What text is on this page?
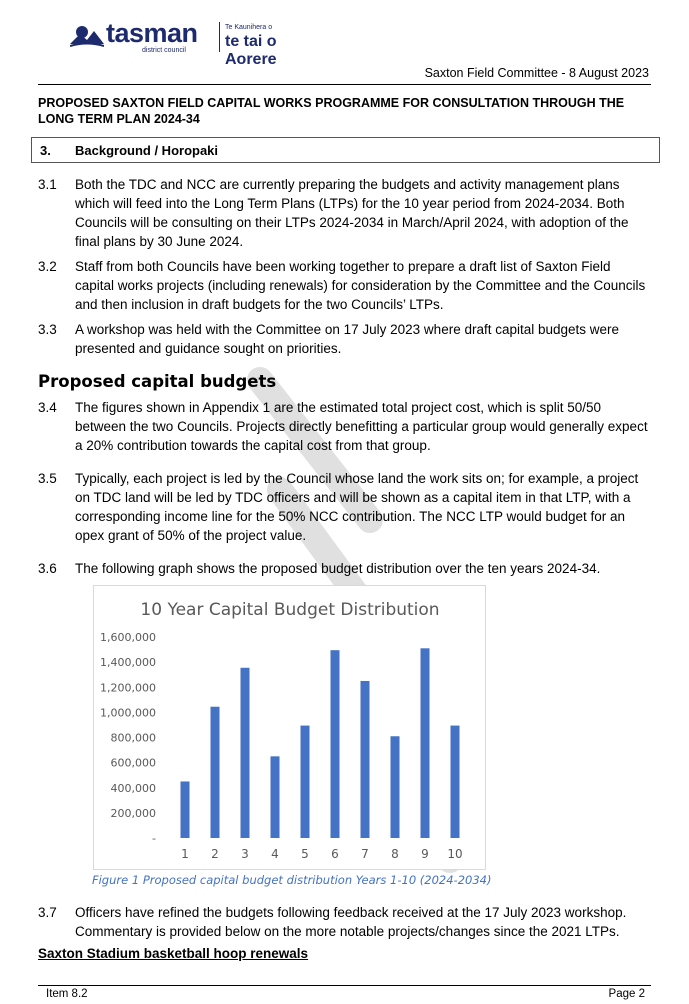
tasman
district council
Te Kaunihera o
te tai o Aorere
Saxton Field Committee - 8 August 2023
PROPOSED SAXTON FIELD CAPITAL WORKS PROGRAMME FOR CONSULTATION THROUGH THE LONG TERM PLAN 2024-34
3. Background / Horopaki
3.1 Both the TDC and NCC are currently preparing the budgets and activity management plans which will feed into the Long Term Plans (LTPs) for the 10 year period from 2024-2034. Both Councils will be consulting on their LTPs 2024-2034 in March/April 2024, with adoption of the final plans by 30 June 2024.
3.2 Staff from both Councils have been working together to prepare a draft list of Saxton Field capital works projects (including renewals) for consideration by the Committee and the Councils and then inclusion in draft budgets for the two Councils’ LTPs.
3.3 A workshop was held with the Committee on 17 July 2023 where draft capital budgets were presented and guidance sought on priorities.
Proposed capital budgets
3.4 The figures shown in Appendix 1 are the estimated total project cost, which is split 50/50 between the two Councils. Projects directly benefitting a particular group would generally expect a 20% contribution towards the capital cost from that group.
3.5 Typically, each project is led by the Council whose land the work sits on; for example, a project on TDC land will be led by TDC officers and will be shown as a capital item in that LTP, with a corresponding income line for the 50% NCC contribution. The NCC LTP would budget for an opex grant of 50% of the project value.
3.6 The following graph shows the proposed budget distribution over the ten years 2024-34.
10 Year Capital Budget Distribution
-
200,000
400,000
600,000
800,000
1,000,000
1,200,000
1,400,000
1,600,000
1 2 3 4 5 6 7 8 9 10
Figure 1 Proposed capital budget distribution Years 1-10 (2024-2034)
3.7 Officers have refined the budgets following feedback received at the 17 July 2023 workshop. Commentary is provided below on the more notable projects/changes since the 2021 LTPs.
Saxton Stadium basketball hoop renewals
Item 8.2	Page 2
